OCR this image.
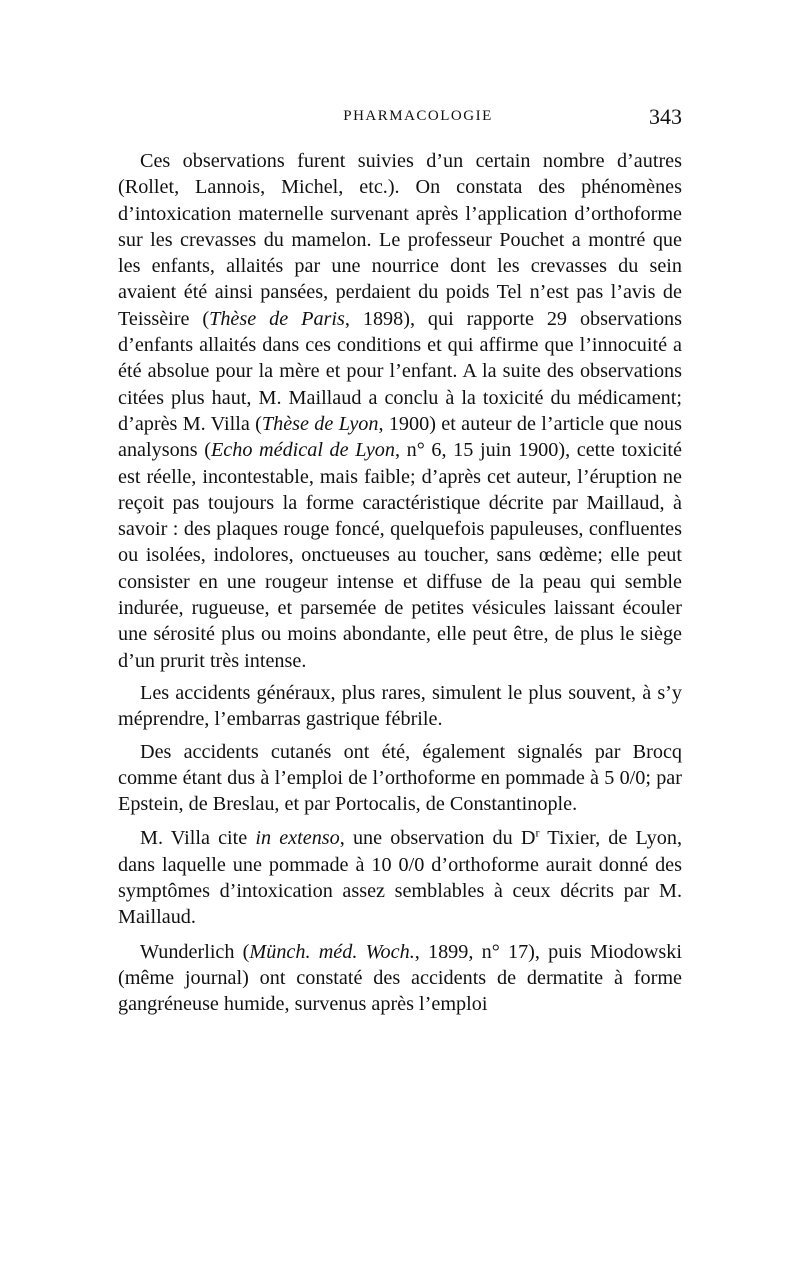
PHARMACOLOGIE	343

Ces observations furent suivies d’un certain nombre d’autres (Rollet, Lannois, Michel, etc.). On constata des phénomènes d’intoxication maternelle survenant après l’application d’orthoforme sur les crevasses du mamelon. Le professeur Pouchet a montré que les enfants, allaités par une nourrice dont les crevasses du sein avaient été ainsi pansées, perdaient du poids Tel n’est pas l’avis de Teissèire (Thèse de Paris, 1898), qui rapporte 29 observations d’enfants allaités dans ces conditions et qui affirme que l’innocuité a été absolue pour la mère et pour l’enfant. A la suite des observations citées plus haut, M. Maillaud a conclu à la toxicité du médicament; d’après M. Villa (Thèse de Lyon, 1900) et auteur de l’article que nous analysons (Echo médical de Lyon, n° 6, 15 juin 1900), cette toxicité est réelle, incontestable, mais faible; d’après cet auteur, l’éruption ne reçoit pas toujours la forme caractéristique décrite par Maillaud, à savoir : des plaques rouge foncé, quelquefois papuleuses, confluentes ou isolées, indolores, onctueuses au toucher, sans œdème; elle peut consister en une rougeur intense et diffuse de la peau qui semble indurée, rugueuse, et parsemée de petites vésicules laissant écouler une sérosité plus ou moins abondante, elle peut être, de plus le siège d’un prurit très intense.

Les accidents généraux, plus rares, simulent le plus souvent, à s’y méprendre, l’embarras gastrique fébrile.

Des accidents cutanés ont été, également signalés par Brocq comme étant dus à l’emploi de l’orthoforme en pommade à 5 0/0; par Epstein, de Breslau, et par Portocalis, de Constantinople.

M. Villa cite in extenso, une observation du $D^r$ Tixier, de Lyon, dans laquelle une pommade à 10 0/0 d’orthoforme aurait donné des symptômes d’intoxication assez semblables à ceux décrits par M. Maillaud.

Wunderlich (Münch. méd. Woch., 1899, n° 17), puis Miodowski (même journal) ont constaté des accidents de dermatite à forme gangréneuse humide, survenus après l’emploi
